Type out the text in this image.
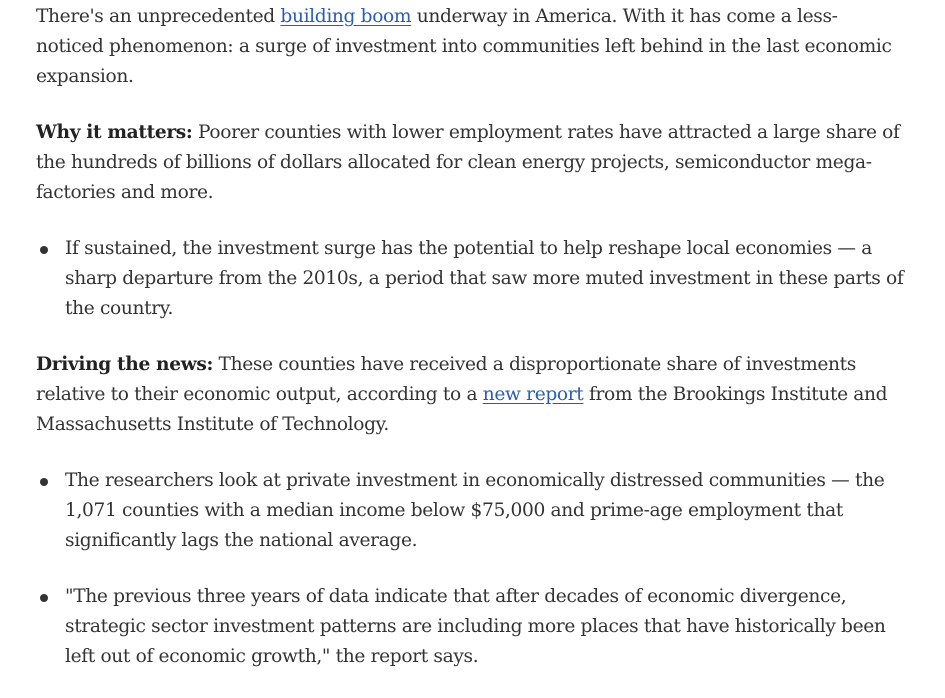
There's an unprecedented building boom underway in America. With it has come a less-noticed phenomenon: a surge of investment into communities left behind in the last economic expansion.

Why it matters: Poorer counties with lower employment rates have attracted a large share of the hundreds of billions of dollars allocated for clean energy projects, semiconductor mega-factories and more.

If sustained, the investment surge has the potential to help reshape local economies — a sharp departure from the 2010s, a period that saw more muted investment in these parts of the country.

Driving the news: These counties have received a disproportionate share of investments relative to their economic output, according to a new report from the Brookings Institute and Massachusetts Institute of Technology.

The researchers look at private investment in economically distressed communities — the 1,071 counties with a median income below $75,000 and prime-age employment that significantly lags the national average.
"The previous three years of data indicate that after decades of economic divergence, strategic sector investment patterns are including more places that have historically been left out of economic growth," the report says.
